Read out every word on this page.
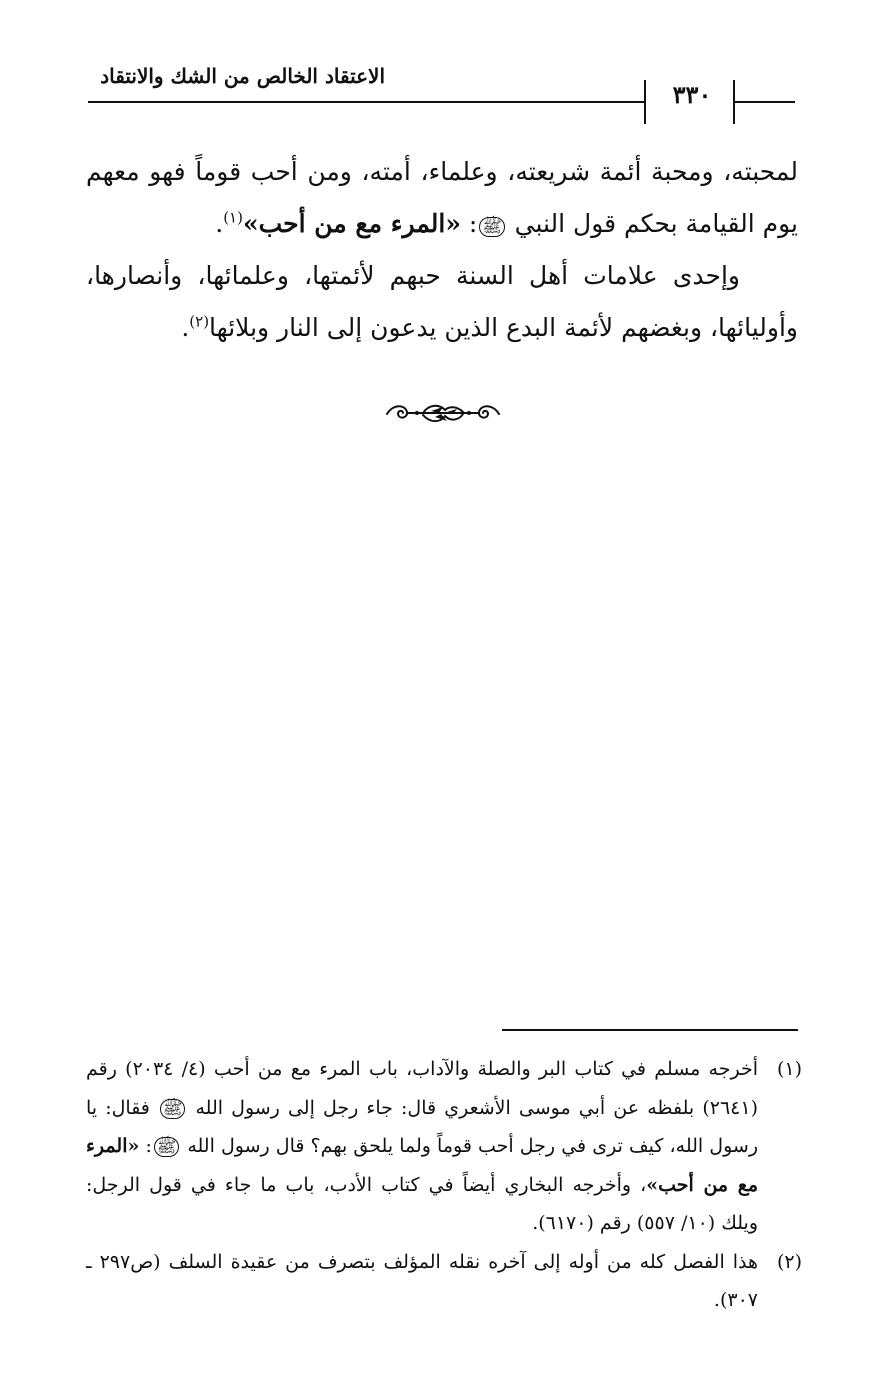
الاعتقاد الخالص من الشك والانتقاد
٣٣٠

لمحبته، ومحبة أئمة شريعته، وعلماء، أمته، ومن أحب قوماً فهو معهم يوم القيامة بحكم قول النبي ﷺ: «المرء مع من أحب»$^{(١)}$.

وإحدى علامات أهل السنة حبهم لأئمتها، وعلمائها، وأنصارها، وأوليائها، وبغضهم لأئمة البدع الذين يدعون إلى النار وبلائها$^{(٢)}$.

(١)
أخرجه مسلم في كتاب البر والصلة والآداب، باب المرء مع من أحب (٤/ ٢٠٣٤) رقم (٢٦٤١) بلفظه عن أبي موسى الأشعري قال: جاء رجل إلى رسول الله ﷺ فقال: يا رسول الله، كيف ترى في رجل أحب قوماً ولما يلحق بهم؟ قال رسول الله ﷺ: «المرء مع من أحب»، وأخرجه البخاري أيضاً في كتاب الأدب، باب ما جاء في قول الرجل: ويلك (١٠/ ٥٥٧) رقم (٦١٧٠).
(٢)
هذا الفصل كله من أوله إلى آخره نقله المؤلف بتصرف من عقيدة السلف (ص٢٩٧ ـ ٣٠٧).
